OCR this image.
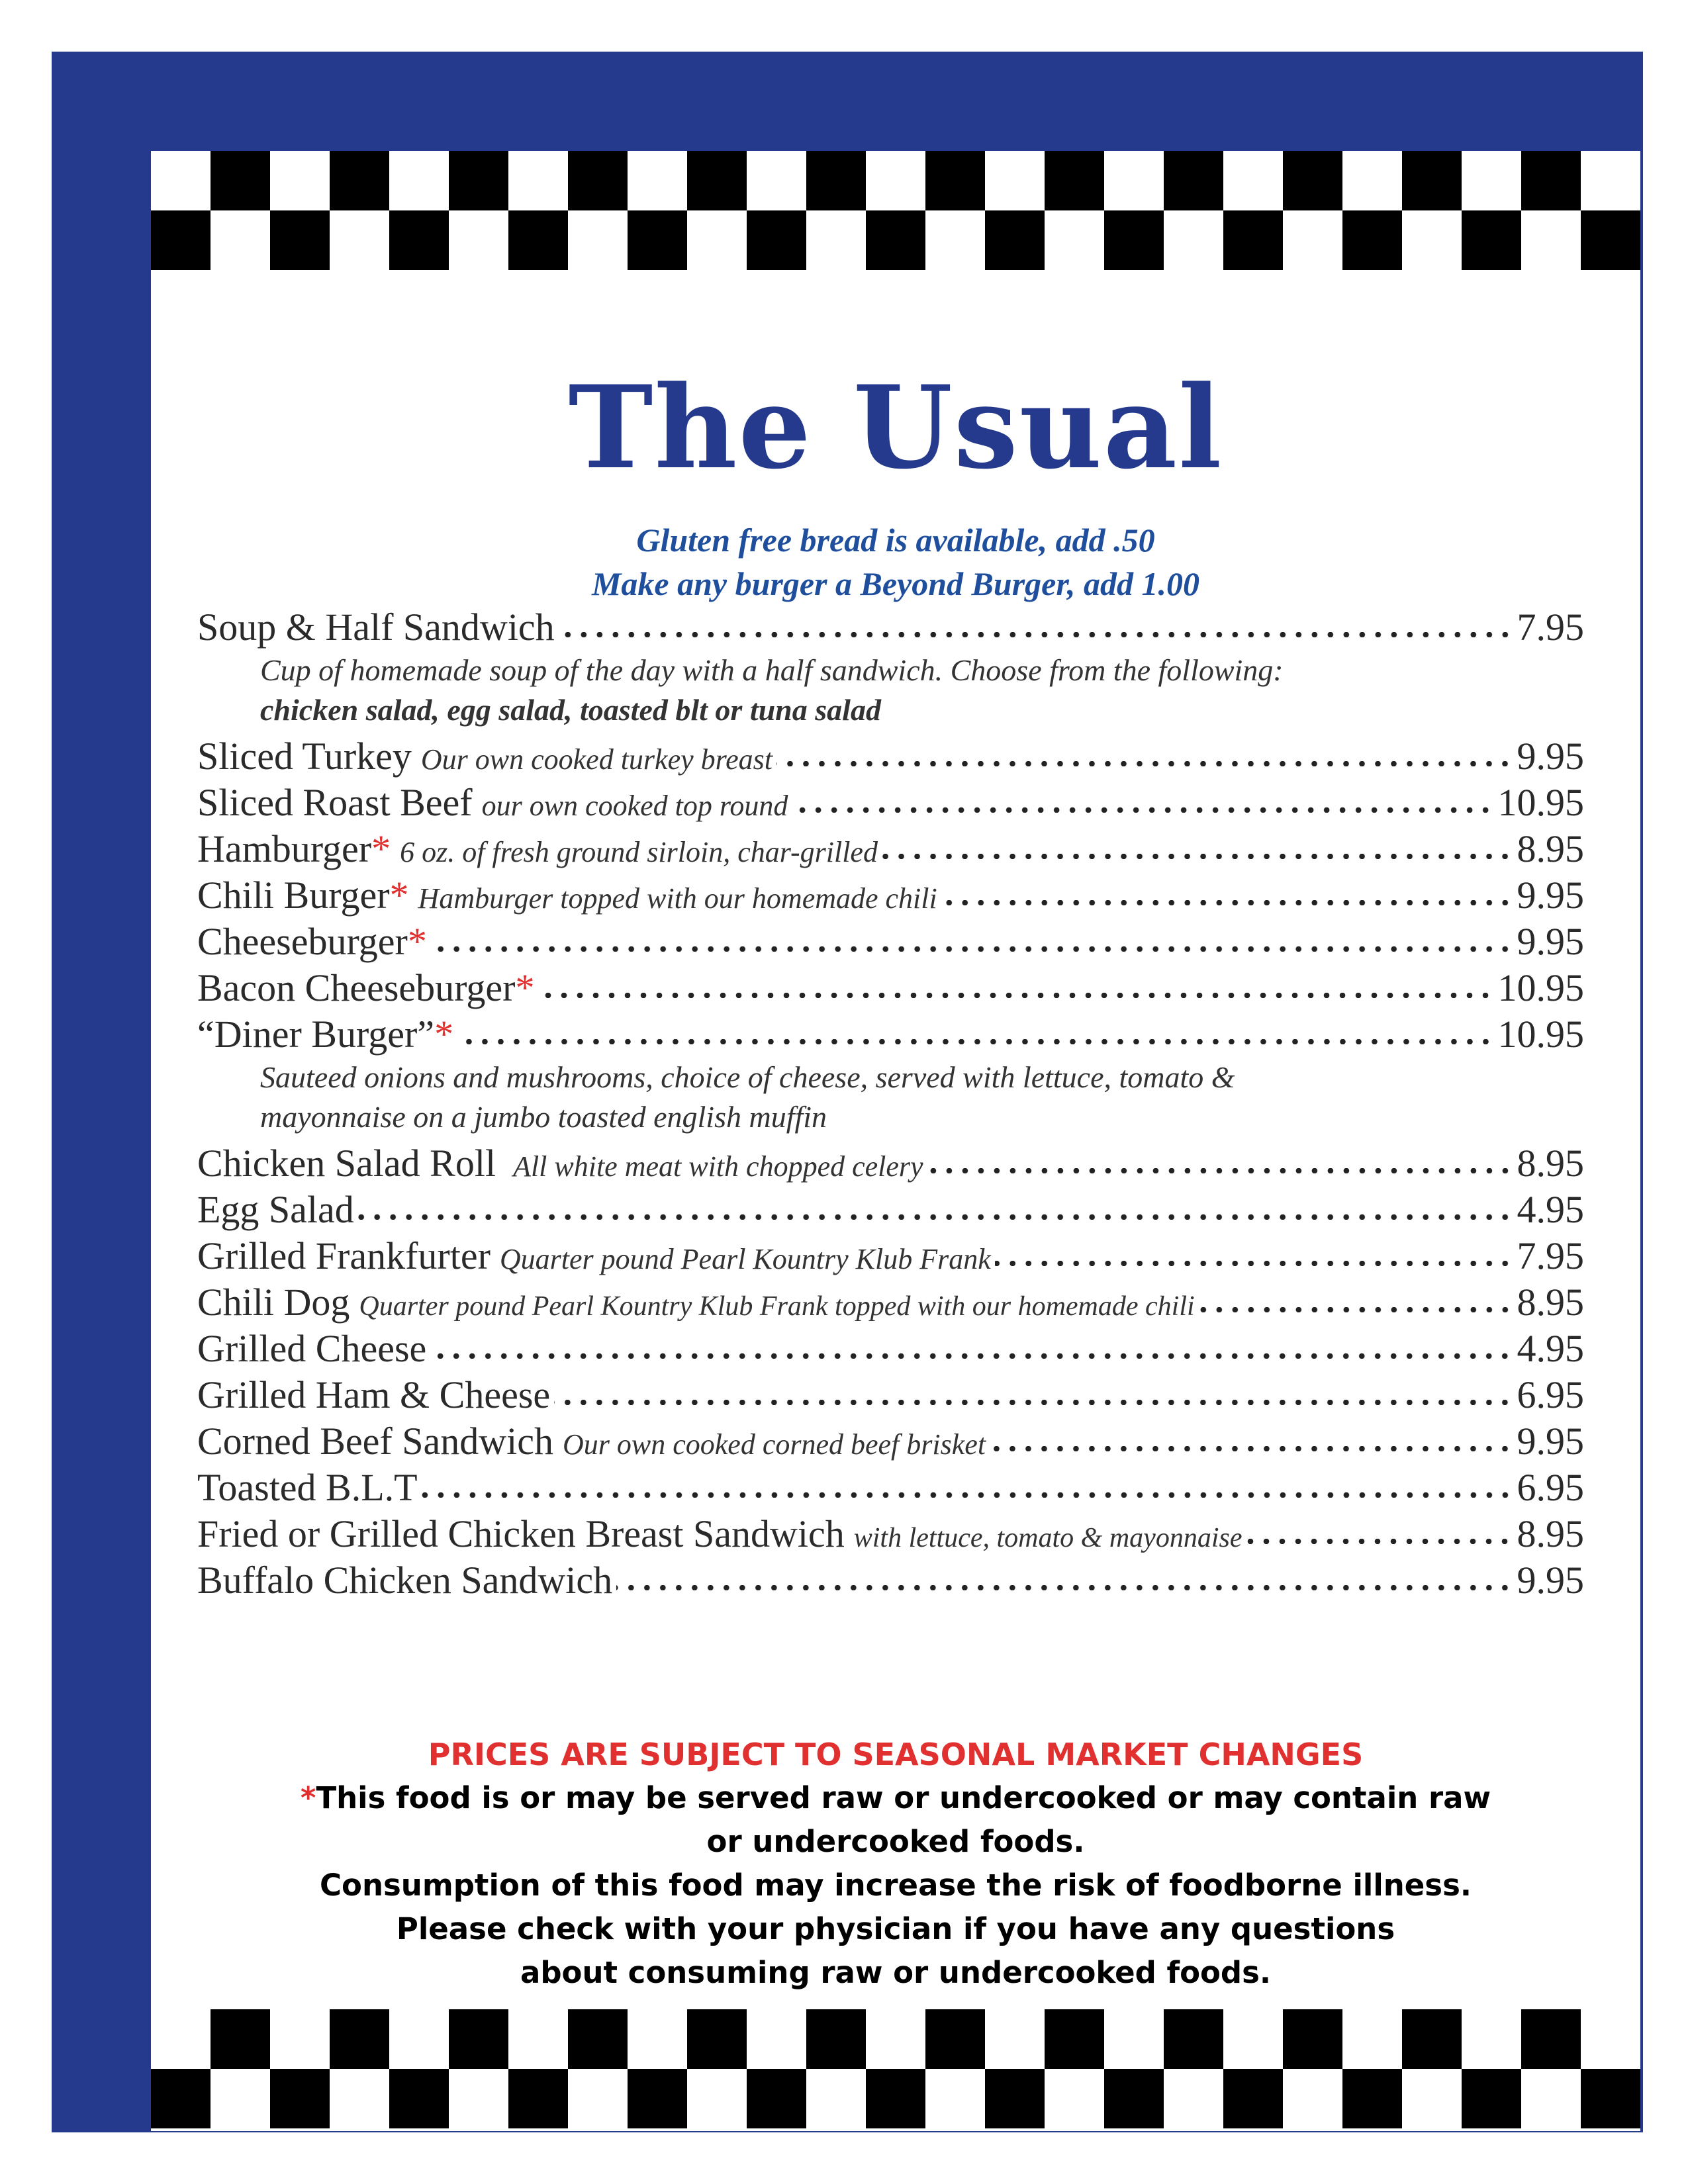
The Usual
Gluten free bread is available, add .50
Make any burger a Beyond Burger, add 1.00
Soup & Half Sandwich	7.95
Cup of homemade soup of the day with a half sandwich. Choose from the following:
chicken salad, egg salad, toasted blt or tuna salad
Sliced Turkey Our own cooked turkey breast	9.95
Sliced Roast Beef our own cooked top round	10.95
Hamburger * 6 oz. of fresh ground sirloin, char-grilled	8.95
Chili Burger * Hamburger topped with our homemade chili	9.95
Cheeseburger *	9.95
Bacon Cheeseburger *	10.95
“Diner Burger” *	10.95
Sauteed onions and mushrooms, choice of cheese, served with lettuce, tomato &
mayonnaise on a jumbo toasted english muffin
Chicken Salad Roll All white meat with chopped celery	8.95
Egg Salad	4.95
Grilled Frankfurter Quarter pound Pearl Kountry Klub Frank	7.95
Chili Dog Quarter pound Pearl Kountry Klub Frank topped with our homemade chili	8.95
Grilled Cheese	4.95
Grilled Ham & Cheese	6.95
Corned Beef Sandwich Our own cooked corned beef brisket	9.95
Toasted B.L.T	6.95
Fried or Grilled Chicken Breast Sandwich with lettuce, tomato & mayonnaise	8.95
Buffalo Chicken Sandwich	9.95
PRICES ARE SUBJECT TO SEASONAL MARKET CHANGES
*This food is or may be served raw or undercooked or may contain raw
or undercooked foods.
Consumption of this food may increase the risk of foodborne illness.
Please check with your physician if you have any questions
about consuming raw or undercooked foods.
